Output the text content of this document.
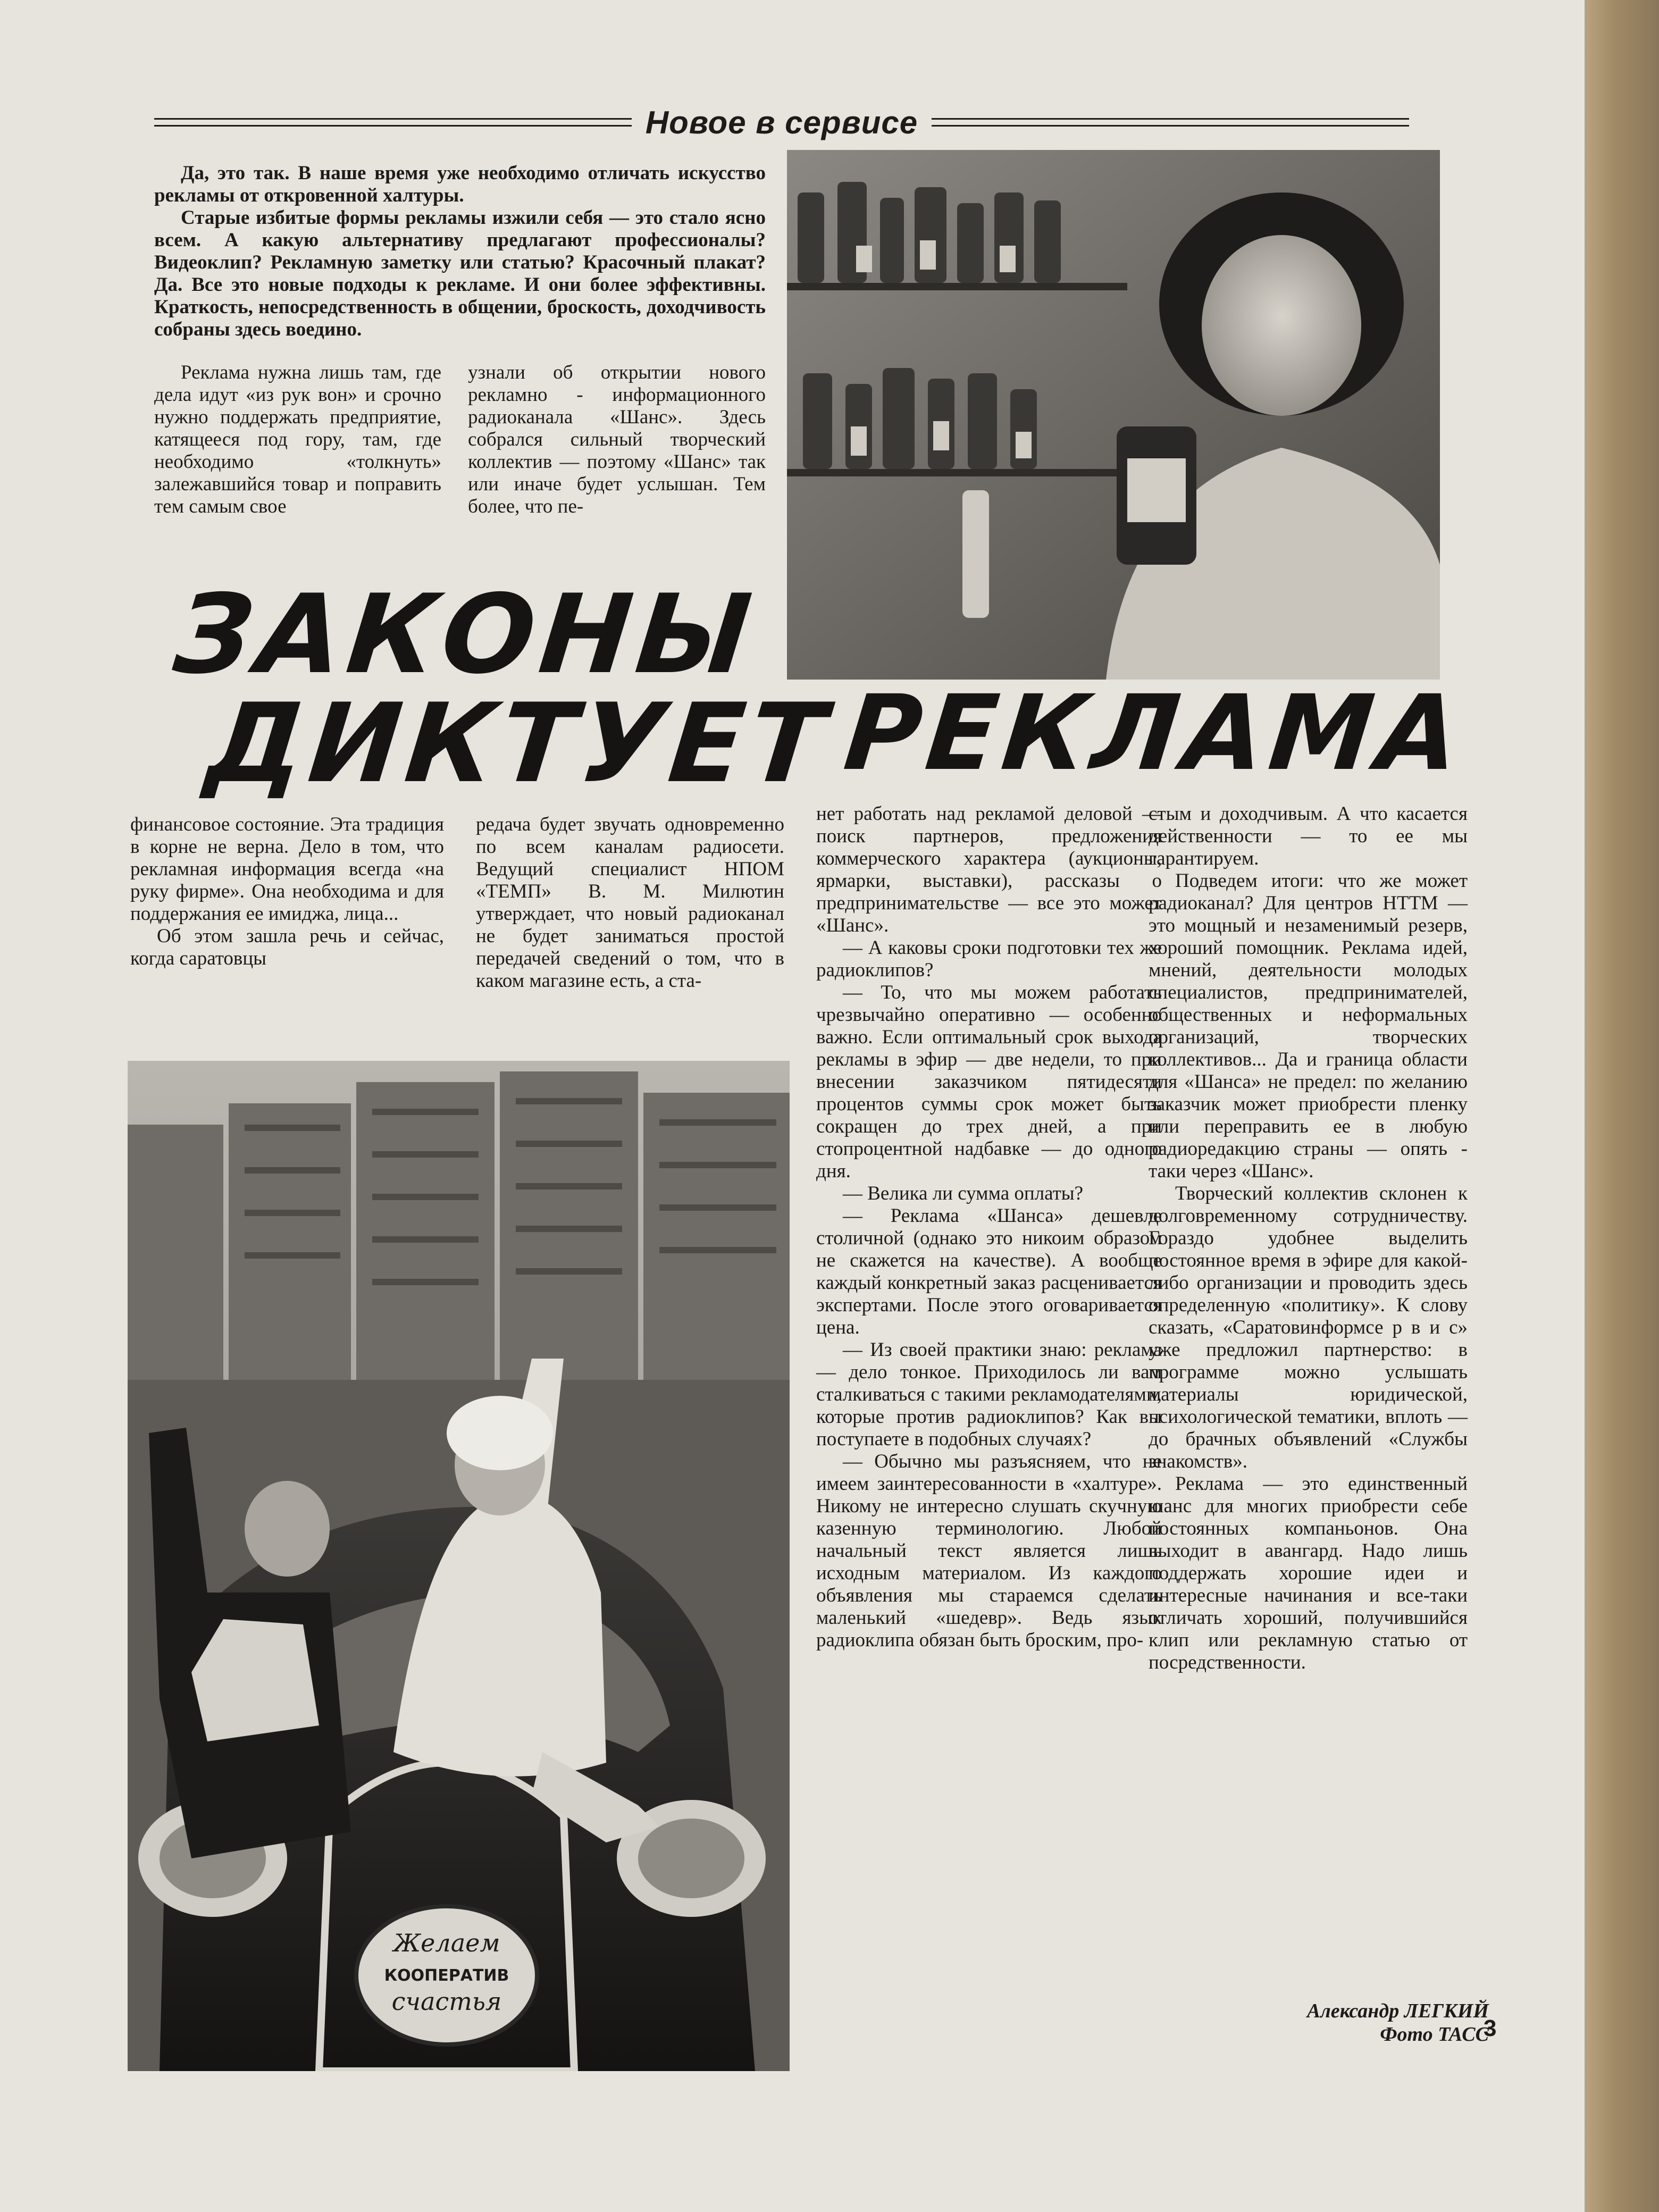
Новое в сервисе

Да, это так. В наше время уже необходимо отличать искусство рекламы от откровенной халтуры.

Старые избитые формы рекламы изжили себя — это стало ясно всем. А какую альтернативу предлагают профессионалы? Видеоклип? Рекламную заметку или статью? Красочный плакат? Да. Все это новые подходы к рекламе. И они более эффективны. Краткость, непосредственность в общении, броскость, доходчивость собраны здесь воедино.

Реклама нужна лишь там, где дела идут «из рук вон» и срочно нужно поддержать предприятие, катящееся под гору, там, где необходимо «толкнуть» залежавшийся товар и поправить тем самым свое

узнали об открытии нового рекламно - информационного радиоканала «Шанс». Здесь собрался сильный творческий коллектив — поэтому «Шанс» так или иначе будет услышан. Тем более, что пе-

ЗАКОНЫ
ДИКТУЕТ РЕКЛАМА

финансовое состояние. Эта традиция в корне не верна. Дело в том, что рекламная информация всегда «на руку фирме». Она необходима и для поддержания ее имиджа, лица...

Об этом зашла речь и сейчас, когда саратовцы

редача будет звучать одновременно по всем каналам радиосети. Ведущий специалист НПОМ «ТЕМП» В. М. Милютин утверждает, что новый радиоканал не будет заниматься простой передачей сведений о том, что в каком магазине есть, а ста-

Желаем
КООПЕРАТИВ
счастья

нет работать над рекламой деловой — поиск партнеров, предложения коммерческого характера (аукционы, ярмарки, выставки), рассказы о предпринимательстве — все это может «Шанс».

— А каковы сроки подготовки тех же радиоклипов?

— То, что мы можем работать чрезвычайно оперативно — особенно важно. Если оптимальный срок выхода рекламы в эфир — две недели, то при внесении заказчиком пятидесяти процентов суммы срок может быть сокращен до трех дней, а при стопроцентной надбавке — до одного дня.

— Велика ли сумма оплаты?

— Реклама «Шанса» дешевле столичной (однако это никоим образом не скажется на качестве). А вообще каждый конкретный заказ расценивается экспертами. После этого оговаривается цена.

— Из своей практики знаю: реклама — дело тонкое. Приходилось ли вам сталкиваться с такими рекламодателями, которые против радиоклипов? Как вы поступаете в подобных случаях?

— Обычно мы разъясняем, что не имеем заинтересованности в «халтуре». Никому не интересно слушать скучную казенную терминологию. Любой начальный текст является лишь исходным материалом. Из каждого объявления мы стараемся сделать маленький «шедевр». Ведь язык радиоклипа обязан быть броским, про-

стым и доходчивым. А что касается действенности — то ее мы гарантируем.

Подведем итоги: что же может радиоканал? Для центров НТТМ — это мощный и незаменимый резерв, хороший помощник. Реклама идей, мнений, деятельности молодых специалистов, предпринимателей, общественных и неформальных организаций, творческих коллективов... Да и граница области для «Шанса» не предел: по желанию заказчик может приобрести пленку или переправить ее в любую радиоредакцию страны — опять - таки через «Шанс».

Творческий коллектив склонен к долговременному сотрудничеству. Гораздо удобнее выделить постоянное время в эфире для какой-либо организации и проводить здесь определенную «политику». К слову сказать, «Саратовинформсе р в и с» уже предложил партнерство: в программе можно услышать материалы юридической, психологической тематики, вплоть — до брачных объявлений «Службы знакомств».

Реклама — это единственный шанс для многих приобрести себе постоянных компаньонов. Она выходит в авангард. Надо лишь поддержать хорошие идеи и интересные начинания и все-таки отличать хороший, получившийся клип или рекламную статью от посредственности.

Александр ЛЕГКИЙ
Фото ТАСС
3
